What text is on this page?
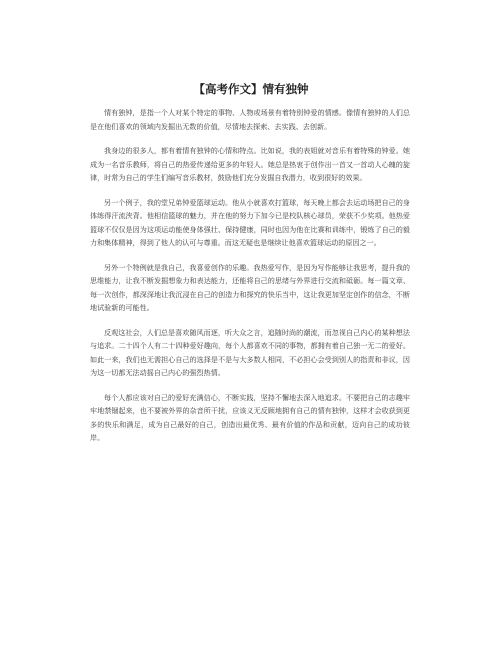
【高考作文】情有独钟

情有独钟，是指一个人对某个特定的事物、人物或场景有着特别钟爱的情感。像情有独钟的人们总是在他们喜欢的领域内发掘出无数的价值，尽情地去探索、去实践、去创新。

我身边的很多人，都有着情有独钟的心情和特点。比如说，我的表姐就对音乐有着特殊的钟爱。她成为一名音乐教师，将自己的热爱传递给更多的年轻人。她总是热衷于创作出一首又一首动人心魄的旋律，时常为自己的学生们编写音乐教材，鼓励他们充分发掘自我潜力，收到很好的效果。

另一个例子，我的堂兄弟钟爱篮球运动。他从小就喜欢打篮球，每天晚上都会去运动场把自己的身体练得汗流浃背。他相信篮球的魅力，并在他的努力下加今已是校队核心球员，荣获不少奖项。他热爱篮球不仅仅是因为这项运动能使身体强壮、保持健康，同时也因为他在比赛和训练中，锻炼了自己的毅力和集体精神，得到了他人的认可与尊重。而这无疑也是继续让他喜欢篮球运动的原因之一。

另外一个特例就是我自己，我喜爱创作的乐趣。我热爱写作，是因为写作能够让我思考，提升我的思维能力，让我不断发掘想象力和表达能力，还能将自己的思绪与外界进行交流和砥砺。每一篇文章、每一次创作，都深深地让我沉浸在自己的创造力和探究的快乐当中，这让我更加坚定创作的信念，不断地试验新的可能性。

反观这社会，人们总是喜欢随风而逐，听大众之言，追随时尚的潮流，而忽视自己内心的某种想法与追求。二十四个人有二十四种爱好趣向，每个人都喜欢不同的事物，都拥有着自己独一无二的爱好。如此一来，我们也无需担心自己的选择是不是与大多数人相同，不必担心会受到别人的指责和非议，因为这一切都无法动摇自己内心的强烈热情。

每个人都应该对自己的爱好充满信心，不断实践，坚持不懈地去深入地追求。不要把自己的志趣牢牢地禁锢起来，也不要被外界的杂音所干扰，应该义无反顾地拥有自己的情有独钟，这样才会收获到更多的快乐和满足，成为自己最好的自己，创造出最优秀、最有价值的作品和贡献，迈向自己的成功彼岸。
